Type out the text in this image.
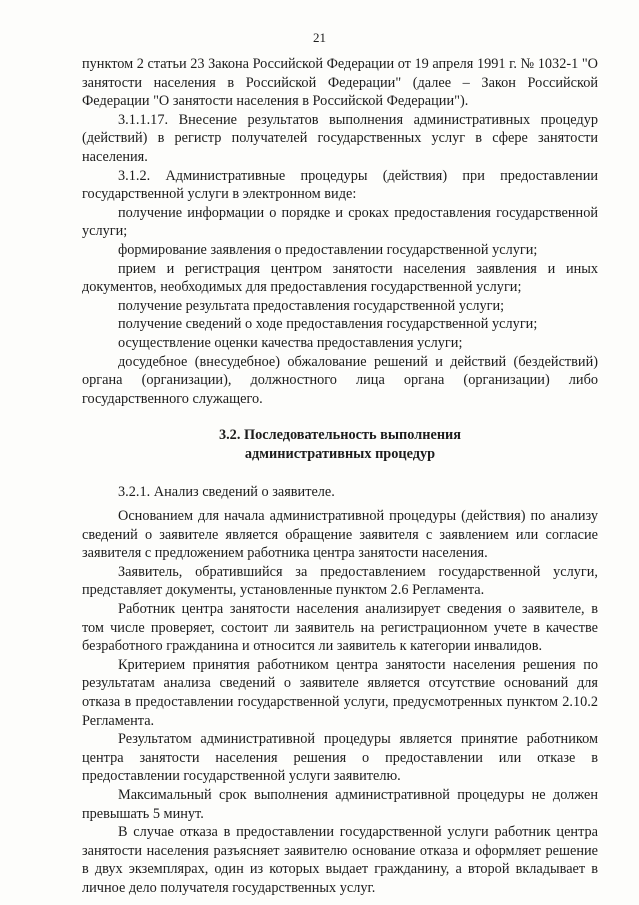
21

пунктом 2 статьи 23 Закона Российской Федерации от 19 апреля 1991 г. № 1032-1 "О занятости населения в Российской Федерации" (далее – Закон Российской Федерации "О занятости населения в Российской Федерации").

3.1.1.17. Внесение результатов выполнения административных процедур (действий) в регистр получателей государственных услуг в сфере занятости населения.

3.1.2. Административные процедуры (действия) при предоставлении государственной услуги в электронном виде:

получение информации о порядке и сроках предоставления государственной услуги;

формирование заявления о предоставлении государственной услуги;

прием и регистрация центром занятости населения заявления и иных документов, необходимых для предоставления государственной услуги;

получение результата предоставления государственной услуги;

получение сведений о ходе предоставления государственной услуги;

осуществление оценки качества предоставления услуги;

досудебное (внесудебное) обжалование решений и действий (бездействий) органа (организации), должностного лица органа (организации) либо государственного служащего.

3.2. Последовательность выполнения
административных процедур

3.2.1. Анализ сведений о заявителе.

Основанием для начала административной процедуры (действия) по анализу сведений о заявителе является обращение заявителя с заявлением или согласие заявителя с предложением работника центра занятости населения.

Заявитель, обратившийся за предоставлением государственной услуги, представляет документы, установленные пунктом 2.6 Регламента.

Работник центра занятости населения анализирует сведения о заявителе, в том числе проверяет, состоит ли заявитель на регистрационном учете в качестве безработного гражданина и относится ли заявитель к категории инвалидов.

Критерием принятия работником центра занятости населения решения по результатам анализа сведений о заявителе является отсутствие оснований для отказа в предоставлении государственной услуги, предусмотренных пунктом 2.10.2 Регламента.

Результатом административной процедуры является принятие работником центра занятости населения решения о предоставлении или отказе в предоставлении государственной услуги заявителю.

Максимальный срок выполнения административной процедуры не должен превышать 5 минут.

В случае отказа в предоставлении государственной услуги работник центра занятости населения разъясняет заявителю основание отказа и оформляет решение в двух экземплярах, один из которых выдает гражданину, а второй вкладывает в личное дело получателя государственных услуг.
